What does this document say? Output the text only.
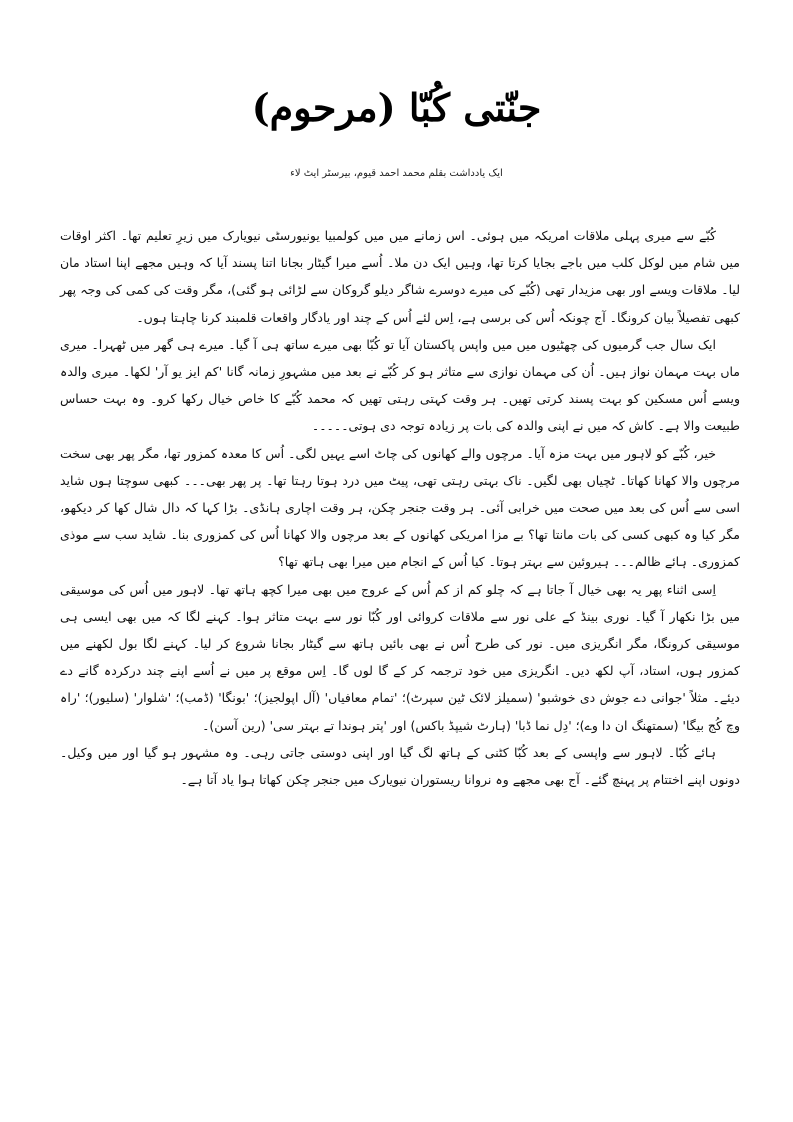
جنّتی کُبّا (مرحوم)
ایک یادداشت بقلم محمد احمد قیوم، بیرسٹر ایٹ لاء

کُبّے سے میری پہلی ملاقات امریکہ میں ہوئی۔ اس زمانے میں میں کولمبیا یونیورسٹی نیویارک میں زیرِ تعلیم تھا۔ اکثر اوقات میں شام میں لوکل کلب میں باجے بجایا کرتا تھا، وہیں ایک دن ملا۔ اُسے میرا گیٹار بجانا اتنا پسند آیا کہ وہیں مجھے اپنا استاد مان لیا۔ ملاقات ویسے اور بھی مزیدار تھی (کُبّے کی میرے دوسرے شاگر دیلو گروکان سے لڑائی ہو گئی)، مگر وقت کی کمی کی وجہ پھر کبھی تفصیلاً بیان کرونگا۔ آج چونکہ اُس کی برسی ہے، اِس لئے اُس کے چند اور یادگار واقعات قلمبند کرنا چاہتا ہوں۔

ایک سال جب گرمیوں کی چھٹیوں میں میں واپس پاکستان آیا تو کُبّا بھی میرے ساتھ ہی آ گیا۔ میرے ہی گھر میں ٹھہرا۔ میری ماں بہت مہمان نواز ہیں۔ اُن کی مہمان نوازی سے متاثر ہو کر کُبّے نے بعد میں مشہورِ زمانہ گانا 'کم ایز یو آر' لکھا۔ میری والدہ ویسے اُس مسکین کو بہت پسند کرتی تھیں۔ ہر وقت کہتی رہتی تھیں کہ محمد کُبّے کا خاص خیال رکھا کرو۔ وہ بہت حساس طبیعت والا ہے۔ کاش کہ میں نے اپنی والدہ کی بات پر زیادہ توجہ دی ہوتی۔۔۔۔۔

خیر، کُبّے کو لاہور میں بہت مزہ آیا۔ مرچوں والے کھانوں کی چاٹ اسے یہیں لگی۔ اُس کا معدہ کمزور تھا، مگر پھر بھی سخت مرچوں والا کھانا کھاتا۔ ٹچیاں بھی لگیں۔ ناک بہتی رہتی تھی، پیٹ میں درد ہوتا رہتا تھا۔ پر پھر بھی۔۔۔ کبھی سوچتا ہوں شاید اسی سے اُس کی بعد میں صحت میں خرابی آئی۔ ہر وقت جنجر چکن، ہر وقت اچاری ہانڈی۔ بڑا کہا کہ دال شال کھا کر دیکھو، مگر کیا وہ کبھی کسی کی بات مانتا تھا؟ بے مزا امریکی کھانوں کے بعد مرچوں والا کھانا اُس کی کمزوری بنا۔ شاید سب سے موذی کمزوری۔ ہائے ظالم۔۔۔ ہیروئین سے بہتر ہوتا۔ کیا اُس کے انجام میں میرا بھی ہاتھ تھا؟

اِسی اثناء پھر یہ بھی خیال آ جاتا ہے کہ چلو کم از کم اُس کے عروج میں بھی میرا کچھ ہاتھ تھا۔ لاہور میں اُس کی موسیقی میں بڑا نکھار آ گیا۔ نوری بینڈ کے علی نور سے ملاقات کروائی اور کُبّا نور سے بہت متاثر ہوا۔ کہنے لگا کہ میں بھی ایسی ہی موسیقی کرونگا، مگر انگریزی میں۔ نور کی طرح اُس نے بھی بائیں ہاتھ سے گیٹار بجانا شروع کر لیا۔ کہنے لگا بول لکھنے میں کمزور ہوں، استاد، آپ لکھ دیں۔ انگریزی میں خود ترجمہ کر کے گا لوں گا۔ اِس موقع پر میں نے اُسے اپنے چند درکردہ گانے دے دیئے۔ مثلاً 'جوانی دے جوش دی خوشبو' (سمیلز لائک ٹین سپرٹ)؛ 'تمام معافیاں' (آل اپولجیز)؛ 'بونگا' (ڈمب)؛ 'شلوار' (سلیور)؛ 'راہ وچ کُج بیگا' (سمتھنگ ان دا وے)؛ 'دِل نما ڈبا' (ہارٹ شیپڈ باکس) اور 'پتر ہوندا تے بہتر سی' (رین آسن)۔

ہائے کُبّا۔ لاہور سے واپسی کے بعد کُبّا کٹنی کے ہاتھ لگ گیا اور اپنی دوستی جاتی رہی۔ وہ مشہور ہو گیا اور میں وکیل۔ دونوں اپنے اختتام پر پہنچ گئے۔ آج بھی مجھے وہ نروانا ریستوران نیویارک میں جنجر چکن کھاتا ہوا یاد آتا ہے۔
